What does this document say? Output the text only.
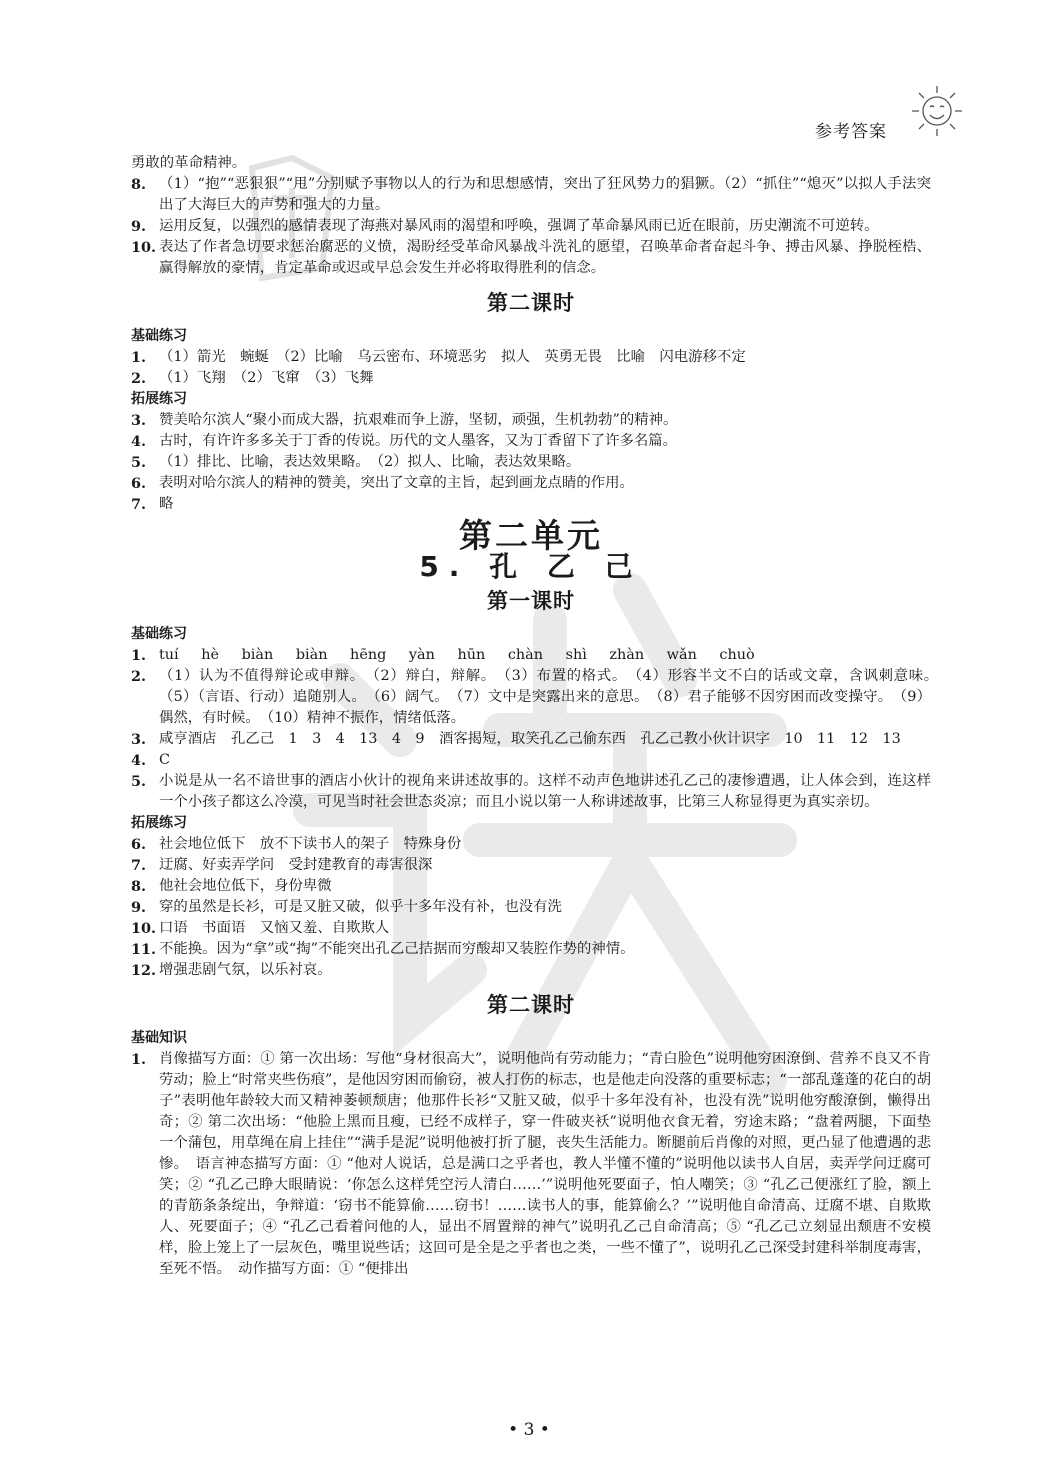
参考答案
勇敢的革命精神。
8. （1）“抱”“恶狠狠”“甩”分别赋予事物以人的行为和思想感情，突出了狂风势力的猖獗。（2）“抓住”“熄灭”以拟人手法突出了大海巨大的声势和强大的力量。
9. 运用反复，以强烈的感情表现了海燕对暴风雨的渴望和呼唤，强调了革命暴风雨已近在眼前，历史潮流不可逆转。
10. 表达了作者急切要求惩治腐恶的义愤，渴盼经受革命风暴战斗洗礼的愿望，召唤革命者奋起斗争、搏击风暴、挣脱桎梏、赢得解放的豪情，肯定革命或迟或早总会发生并必将取得胜利的信念。
第二课时
基础练习
1. （1）箭光　蜿蜒　（2）比喻　乌云密布、环境恶劣　拟人　英勇无畏　比喻　闪电游移不定
2. （1）飞翔　（2）飞窜　（3）飞舞
拓展练习
3. 赞美哈尔滨人“聚小而成大器，抗艰难而争上游，坚韧，顽强，生机勃勃”的精神。
4. 古时，有许许多多关于丁香的传说。历代的文人墨客，又为丁香留下了许多名篇。
5. （1）排比、比喻，表达效果略。　（2）拟人、比喻，表达效果略。
6. 表明对哈尔滨人的精神的赞美，突出了文章的主旨，起到画龙点睛的作用。
7. 略
第二单元
5. 孔 乙 己
第一课时
基础练习
1. tuí hè biàn biàn hēng yàn hūn chàn shì zhàn wǎn chuò
2. （1）认为不值得辩论或申辩。　（2）辩白，辩解。　（3）布置的格式。　（4）形容半文不白的话或文章，含讽刺意味。　（5）（言语、行动）追随别人。　（6）阔气。　（7）文中是突露出来的意思。　（8）君子能够不因穷困而改变操守。　（9）偶然，有时候。　（10）精神不振作，情绪低落。
3. 咸亨酒店　孔乙己　1　3　4　13　4　9　酒客揭短，取笑孔乙己偷东西　孔乙己教小伙计识字　10　11　12　13
4. C
5. 小说是从一名不谙世事的酒店小伙计的视角来讲述故事的。这样不动声色地讲述孔乙己的凄惨遭遇，让人体会到，连这样一个小孩子都这么冷漠，可见当时社会世态炎凉；而且小说以第一人称讲述故事，比第三人称显得更为真实亲切。
拓展练习
6. 社会地位低下　放不下读书人的架子　特殊身份
7. 迂腐、好卖弄学问　受封建教育的毒害很深
8. 他社会地位低下，身份卑微
9. 穿的虽然是长衫，可是又脏又破，似乎十多年没有补，也没有洗
10. 口语　书面语　又恼又羞、自欺欺人
11. 不能换。因为“拿”或“掏”不能突出孔乙己拮据而穷酸却又装腔作势的神情。
12. 增强悲剧气氛，以乐衬哀。
第二课时
基础知识
1. 肖像描写方面：① 第一次出场：写他“身材很高大”，说明他尚有劳动能力；“青白脸色”说明他穷困潦倒、营养不良又不肯劳动；脸上“时常夹些伤痕”，是他因穷困而偷窃，被人打伤的标志，也是他走向没落的重要标志；“一部乱蓬蓬的花白的胡子”表明他年龄较大而又精神萎顿颓唐；他那件长衫“又脏又破，似乎十多年没有补，也没有洗”说明他穷酸潦倒，懒得出奇；② 第二次出场：“他脸上黑而且瘦，已经不成样子，穿一件破夹袄”说明他衣食无着，穷途末路；“盘着两腿，下面垫一个蒲包，用草绳在肩上挂住”“满手是泥”说明他被打折了腿，丧失生活能力。断腿前后肖像的对照，更凸显了他遭遇的悲惨。　语言神态描写方面：① “他对人说话，总是满口之乎者也，教人半懂不懂的”说明他以读书人自居，卖弄学问迂腐可笑；② “孔乙己睁大眼睛说：‘你怎么这样凭空污人清白……’”说明他死要面子，怕人嘲笑；③ “孔乙己便涨红了脸，额上的青筋条条绽出，争辩道：‘窃书不能算偷……窃书！……读书人的事，能算偷么？’”说明他自命清高、迂腐不堪、自欺欺人、死要面子；④ “孔乙己看着问他的人，显出不屑置辩的神气”说明孔乙己自命清高；⑤ “孔乙己立刻显出颓唐不安模样，脸上笼上了一层灰色，嘴里说些话；这回可是全是之乎者也之类，一些不懂了”，说明孔乙己深受封建科举制度毒害，至死不悟。　动作描写方面：① “便排出
• 3 •
